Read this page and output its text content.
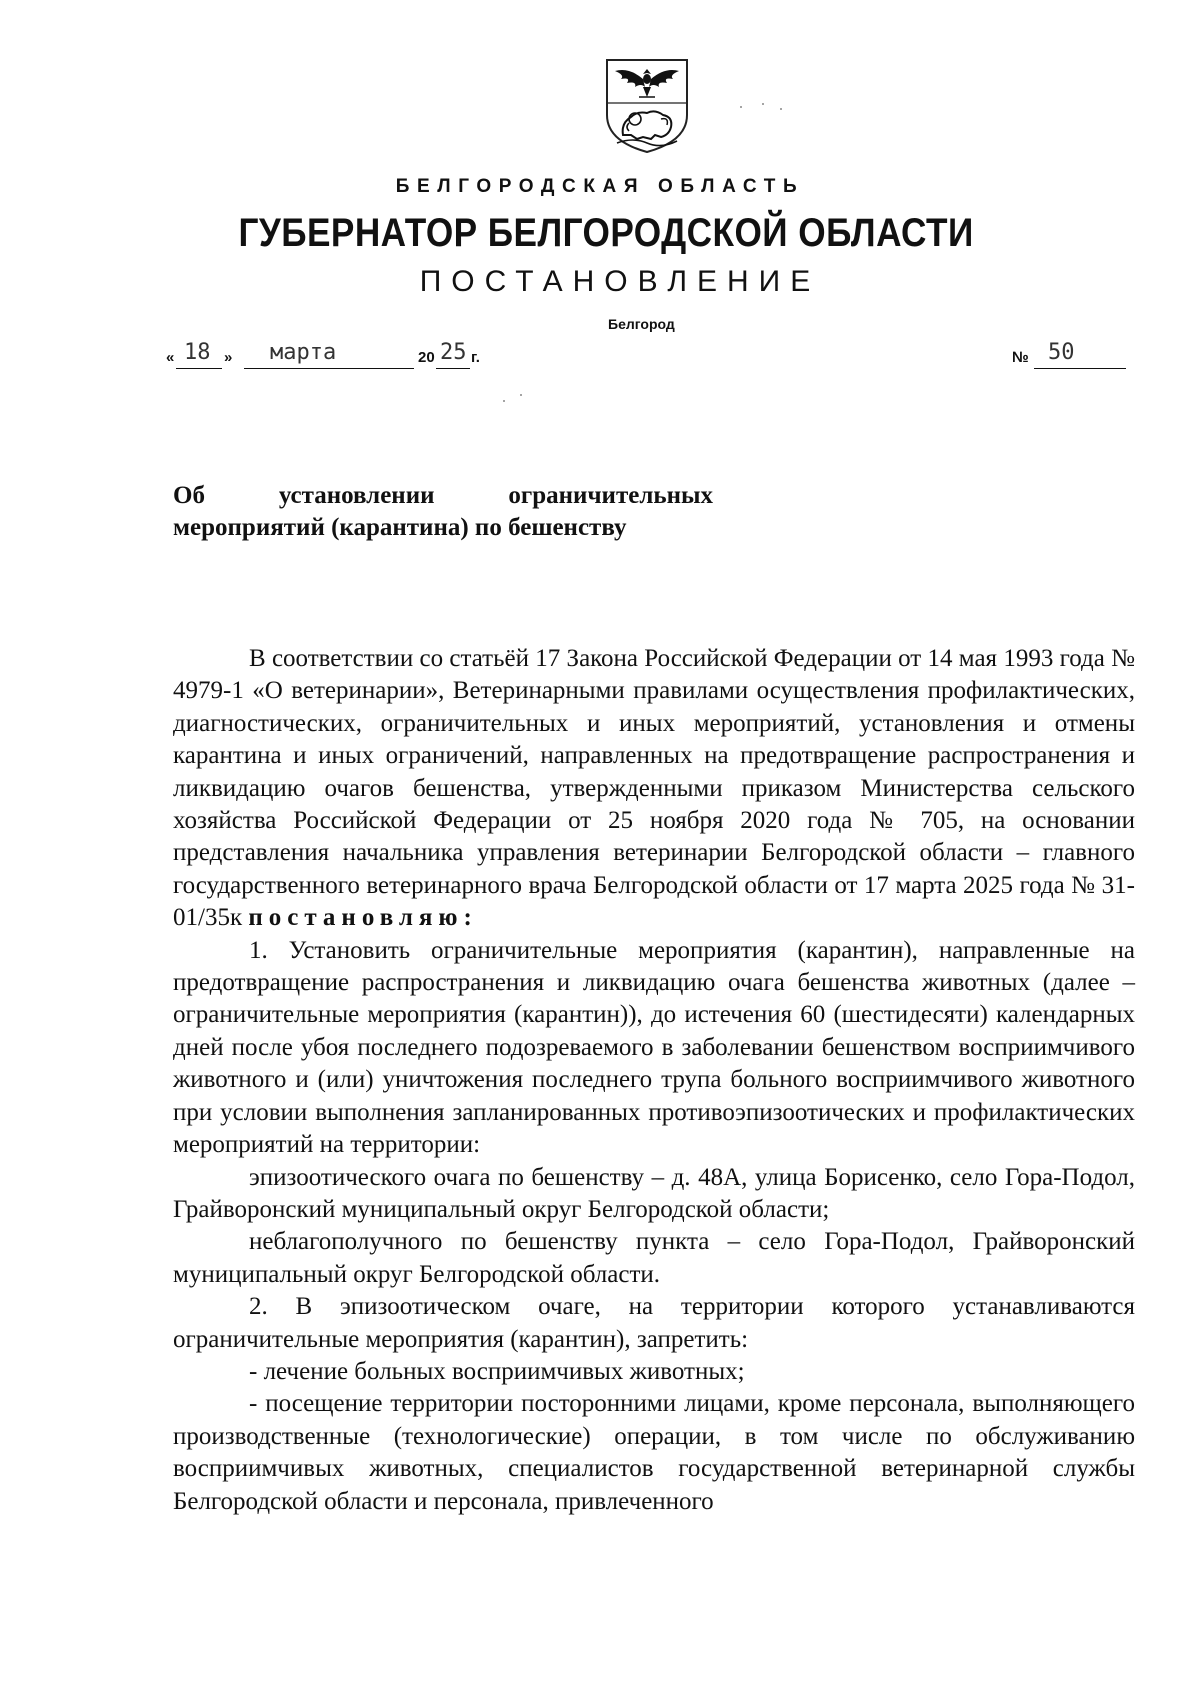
БЕЛГОРОДСКАЯ ОБЛАСТЬ
ГУБЕРНАТОР БЕЛГОРОДСКОЙ ОБЛАСТИ
ПОСТАНОВЛЕНИЕ
Белгород
« 18 » марта	20 25 г.	№ 50
Об установлении ограничительных
мероприятий (карантина) по бешенству

В соответствии со статьёй 17 Закона Российской Федерации от 14 мая 1993 года № 4979-1 «О ветеринарии», Ветеринарными правилами осуществления профилактических, диагностических, ограничительных и иных мероприятий, установления и отмены карантина и иных ограничений, направленных на предотвращение распространения и ликвидацию очагов бешенства, утвержденными приказом Министерства сельского хозяйства Российской Федерации от 25 ноября 2020 года № 705, на основании представления начальника управления ветеринарии Белгородской области – главного государственного ветеринарного врача Белгородской области от 17 марта 2025 года № 31-01/35к постановляю:

1. Установить ограничительные мероприятия (карантин), направленные на предотвращение распространения и ликвидацию очага бешенства животных (далее – ограничительные мероприятия (карантин)), до истечения 60 (шестидесяти) календарных дней после убоя последнего подозреваемого в заболевании бешенством восприимчивого животного и (или) уничтожения последнего трупа больного восприимчивого животного при условии выполнения запланированных противоэпизоотических и профилактических мероприятий на территории:

эпизоотического очага по бешенству – д. 48А, улица Борисенко, село Гора-Подол, Грайворонский муниципальный округ Белгородской области;

неблагополучного по бешенству пункта – село Гора-Подол, Грайворонский муниципальный округ Белгородской области.

2. В эпизоотическом очаге, на территории которого устанавливаются ограничительные мероприятия (карантин), запретить:

- лечение больных восприимчивых животных;

- посещение территории посторонними лицами, кроме персонала, выполняющего производственные (технологические) операции, в том числе по обслуживанию восприимчивых животных, специалистов государственной ветеринарной службы Белгородской области и персонала, привлеченного
